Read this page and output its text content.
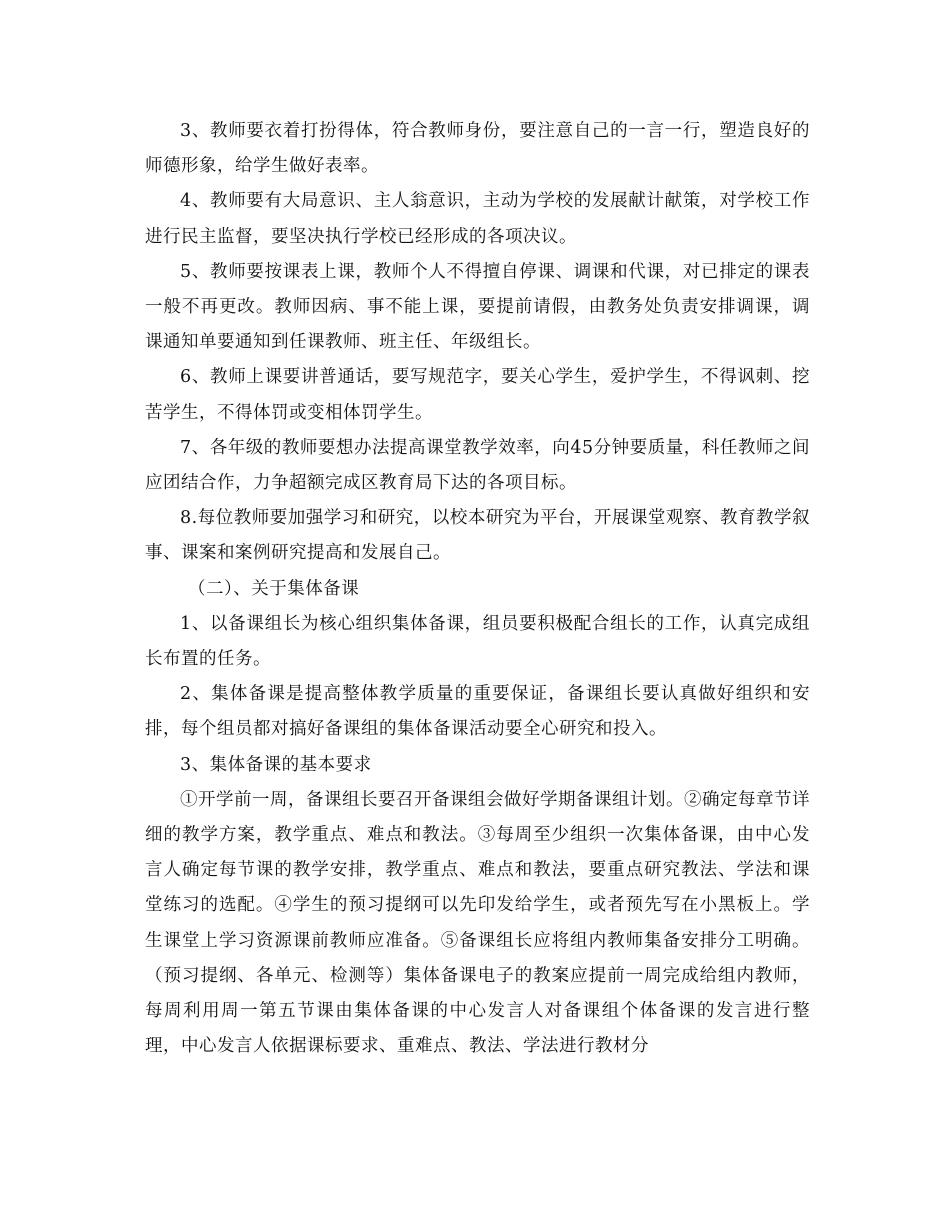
3、教师要衣着打扮得体，符合教师身份，要注意自己的一言一行，塑造良好的师德形象，给学生做好表率。

4、教师要有大局意识、主人翁意识，主动为学校的发展献计献策，对学校工作进行民主监督，要坚决执行学校已经形成的各项决议。

5、教师要按课表上课，教师个人不得擅自停课、调课和代课，对已排定的课表一般不再更改。教师因病、事不能上课，要提前请假，由教务处负责安排调课，调课通知单要通知到任课教师、班主任、年级组长。

6、教师上课要讲普通话，要写规范字，要关心学生，爱护学生，不得讽刺、挖苦学生，不得体罚或变相体罚学生。

7、各年级的教师要想办法提高课堂教学效率，向45分钟要质量，科任教师之间应团结合作，力争超额完成区教育局下达的各项目标。

8.每位教师要加强学习和研究，以校本研究为平台，开展课堂观察、教育教学叙事、课案和案例研究提高和发展自己。

（二）、关于集体备课

1、以备课组长为核心组织集体备课，组员要积极配合组长的工作，认真完成组长布置的任务。

2、集体备课是提高整体教学质量的重要保证，备课组长要认真做好组织和安排，每个组员都对搞好备课组的集体备课活动要全心研究和投入。

3、集体备课的基本要求

①开学前一周，备课组长要召开备课组会做好学期备课组计划。②确定每章节详细的教学方案，教学重点、难点和教法。③每周至少组织一次集体备课，由中心发言人确定每节课的教学安排，教学重点、难点和教法，要重点研究教法、学法和课堂练习的选配。④学生的预习提纲可以先印发给学生，或者预先写在小黑板上。学生课堂上学习资源课前教师应准备。⑤备课组长应将组内教师集备安排分工明确。（预习提纲、各单元、检测等）集体备课电子的教案应提前一周完成给组内教师，每周利用周一第五节课由集体备课的中心发言人对备课组个体备课的发言进行整理，中心发言人依据课标要求、重难点、教法、学法进行教材分
